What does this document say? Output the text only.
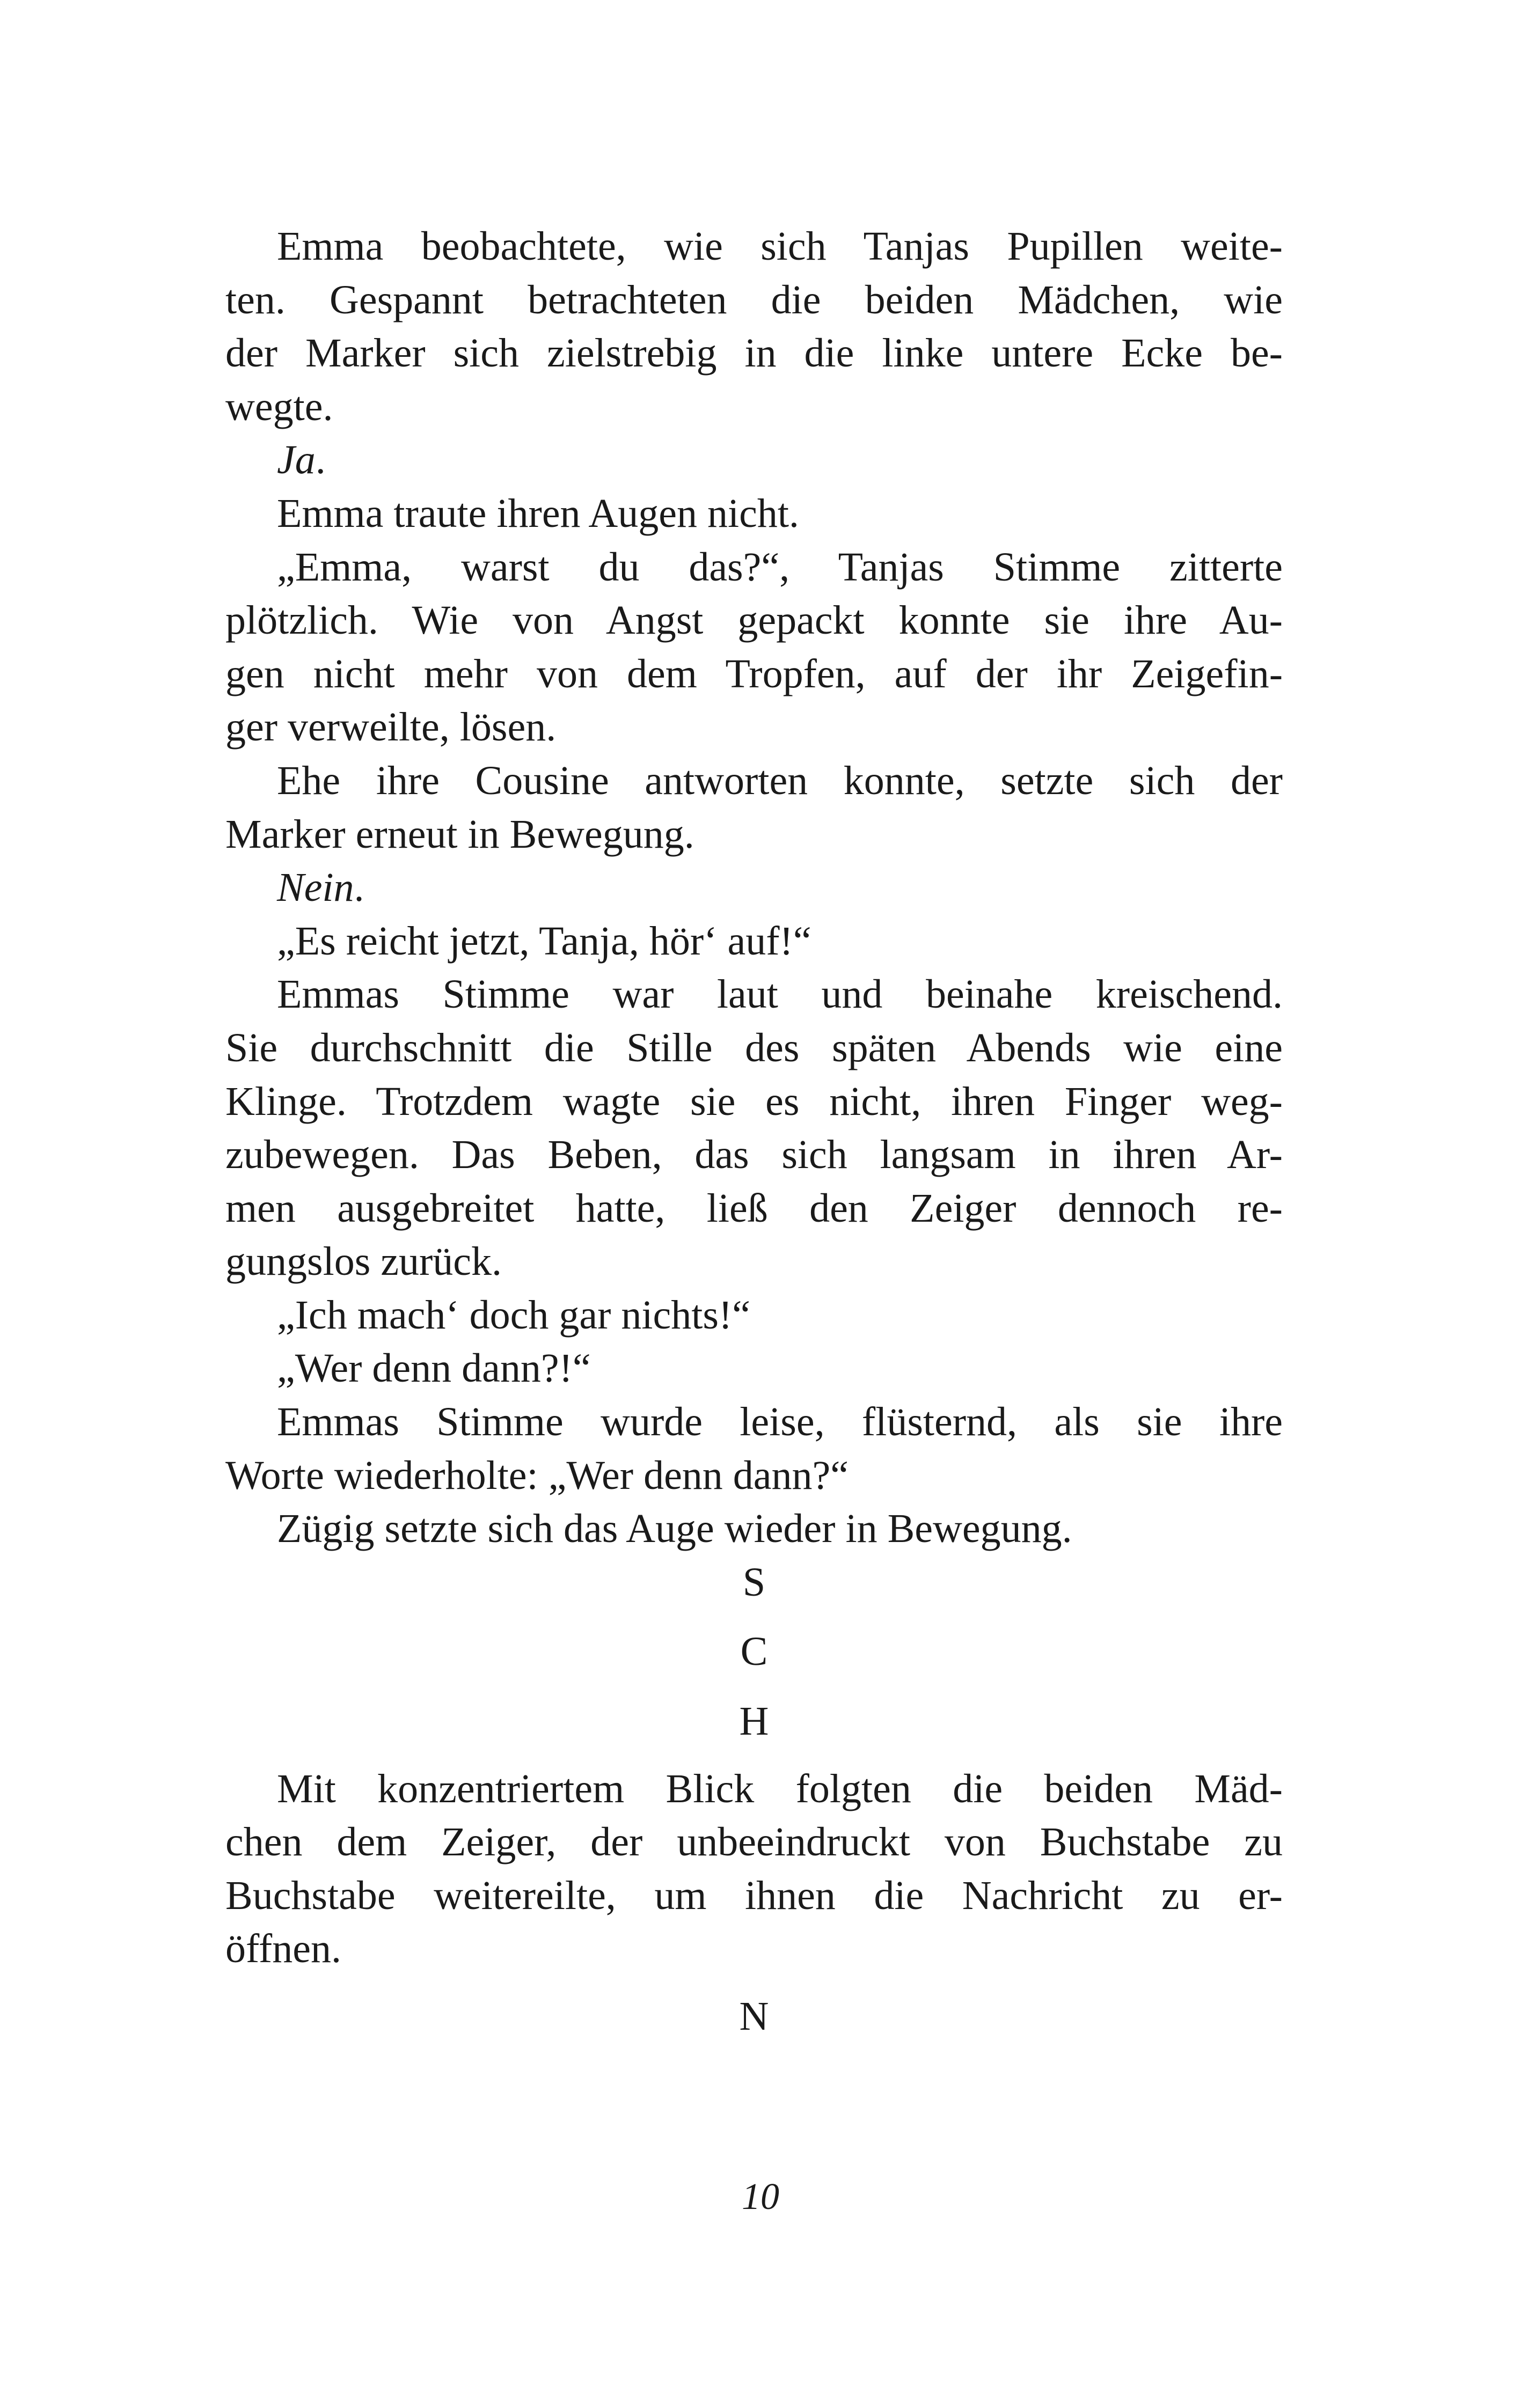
Emma beobachtete, wie sich Tanjas Pupillen weite-
ten. Gespannt betrachteten die beiden Mädchen, wie
der Marker sich zielstrebig in die linke untere Ecke be-
wegte.
Ja.
Emma traute ihren Augen nicht.
„Emma, warst du das?“, Tanjas Stimme zitterte
plötzlich. Wie von Angst gepackt konnte sie ihre Au-
gen nicht mehr von dem Tropfen, auf der ihr Zeigefin-
ger verweilte, lösen.
Ehe ihre Cousine antworten konnte, setzte sich der
Marker erneut in Bewegung.
Nein.
„Es reicht jetzt, Tanja, hör‘ auf!“
Emmas Stimme war laut und beinahe kreischend.
Sie durchschnitt die Stille des späten Abends wie eine
Klinge. Trotzdem wagte sie es nicht, ihren Finger weg-
zubewegen. Das Beben, das sich langsam in ihren Ar-
men ausgebreitet hatte, ließ den Zeiger dennoch re-
gungslos zurück.
„Ich mach‘ doch gar nichts!“
„Wer denn dann?!“
Emmas Stimme wurde leise, flüsternd, als sie ihre
Worte wiederholte: „Wer denn dann?“
Zügig setzte sich das Auge wieder in Bewegung.
S
C
H
Mit konzentriertem Blick folgten die beiden Mäd-
chen dem Zeiger, der unbeeindruckt von Buchstabe zu
Buchstabe weitereilte, um ihnen die Nachricht zu er-
öffnen.
N
10
